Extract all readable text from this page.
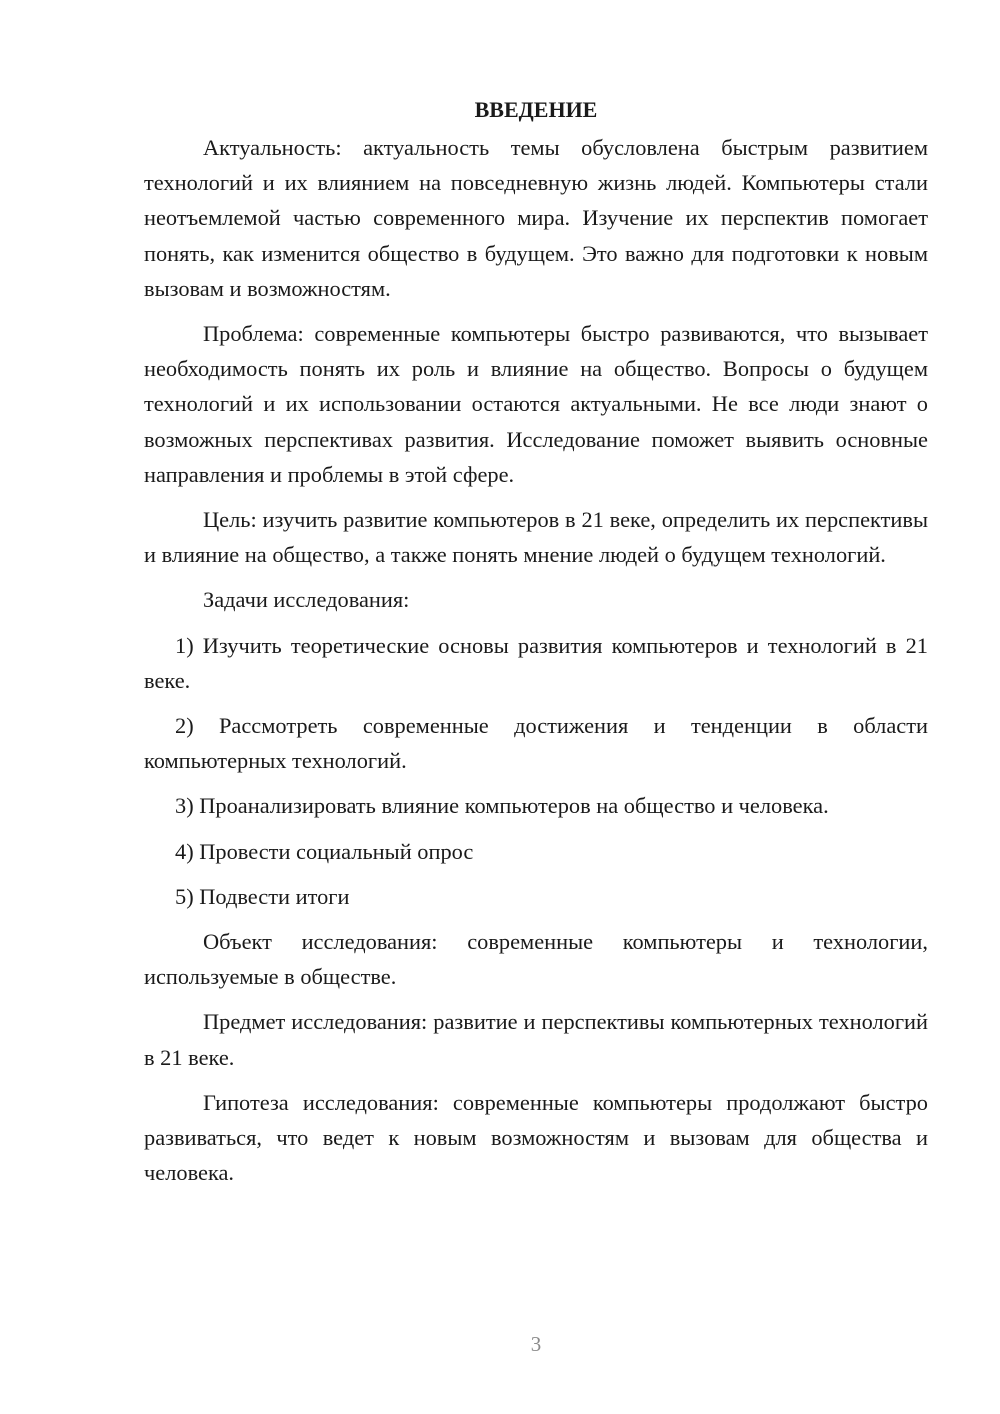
ВВЕДЕНИЕ

Актуальность: актуальность темы обусловлена быстрым развитием технологий и их влиянием на повседневную жизнь людей. Компьютеры стали неотъемлемой частью современного мира. Изучение их перспектив помогает понять, как изменится общество в будущем. Это важно для подготовки к новым вызовам и возможностям.

Проблема: современные компьютеры быстро развиваются, что вызывает необходимость понять их роль и влияние на общество. Вопросы о будущем технологий и их использовании остаются актуальными. Не все люди знают о возможных перспективах развития. Исследование поможет выявить основные направления и проблемы в этой сфере.

Цель: изучить развитие компьютеров в 21 веке, определить их перспективы и влияние на общество, а также понять мнение людей о будущем технологий.

Задачи исследования:

1) Изучить теоретические основы развития компьютеров и технологий в 21 веке.

2) Рассмотреть современные достижения и тенденции в области компьютерных технологий.

3) Проанализировать влияние компьютеров на общество и человека.

4) Провести социальный опрос

5) Подвести итоги

Объект исследования: современные компьютеры и технологии, используемые в обществе.

Предмет исследования: развитие и перспективы компьютерных технологий в 21 веке.

Гипотеза исследования: современные компьютеры продолжают быстро развиваться, что ведет к новым возможностям и вызовам для общества и человека.

3
